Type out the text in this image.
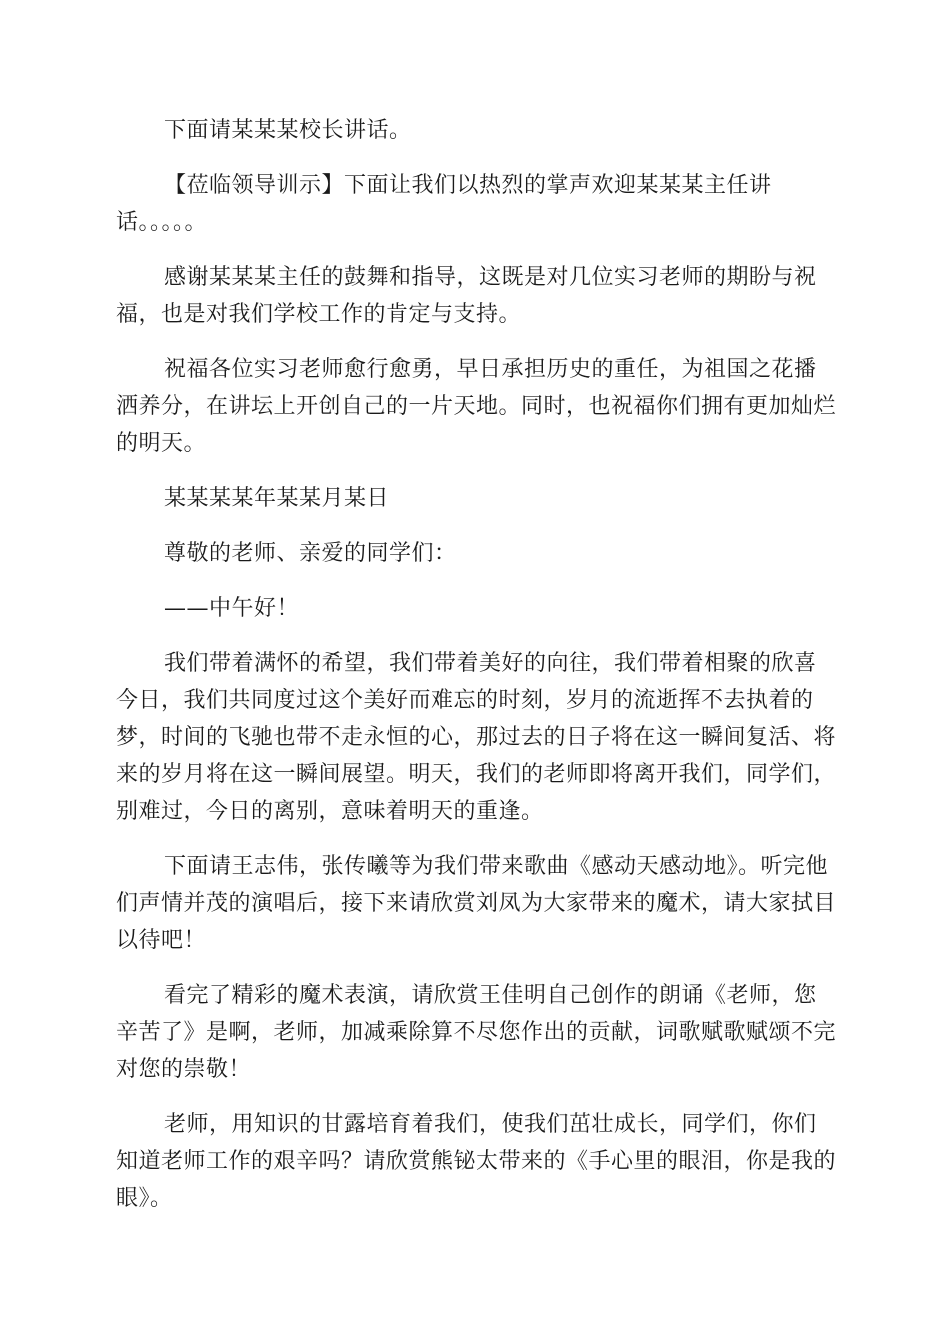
下面请某某某校长讲话。

【莅临领导训示】下面让我们以热烈的掌声欢迎某某某主任讲话。。。。。

感谢某某某主任的鼓舞和指导，这既是对几位实习老师的期盼与祝福，也是对我们学校工作的肯定与支持。

祝福各位实习老师愈行愈勇，早日承担历史的重任，为祖国之花播洒养分，在讲坛上开创自己的一片天地。同时，也祝福你们拥有更加灿烂的明天。

某某某某年某某月某日

尊敬的老师、亲爱的同学们：

——中午好！

我们带着满怀的希望，我们带着美好的向往，我们带着相聚的欣喜今日，我们共同度过这个美好而难忘的时刻，岁月的流逝挥不去执着的梦，时间的飞驰也带不走永恒的心，那过去的日子将在这一瞬间复活、将来的岁月将在这一瞬间展望。明天，我们的老师即将离开我们，同学们，别难过，今日的离别，意味着明天的重逢。

下面请王志伟，张传曦等为我们带来歌曲《感动天感动地》。听完他们声情并茂的演唱后，接下来请欣赏刘凤为大家带来的魔术，请大家拭目以待吧！

看完了精彩的魔术表演，请欣赏王佳明自己创作的朗诵《老师，您辛苦了》是啊，老师，加减乘除算不尽您作出的贡献，词歌赋歌赋颂不完对您的崇敬！

老师，用知识的甘露培育着我们，使我们茁壮成长，同学们，你们知道老师工作的艰辛吗？请欣赏熊铋太带来的《手心里的眼泪，你是我的眼》。
